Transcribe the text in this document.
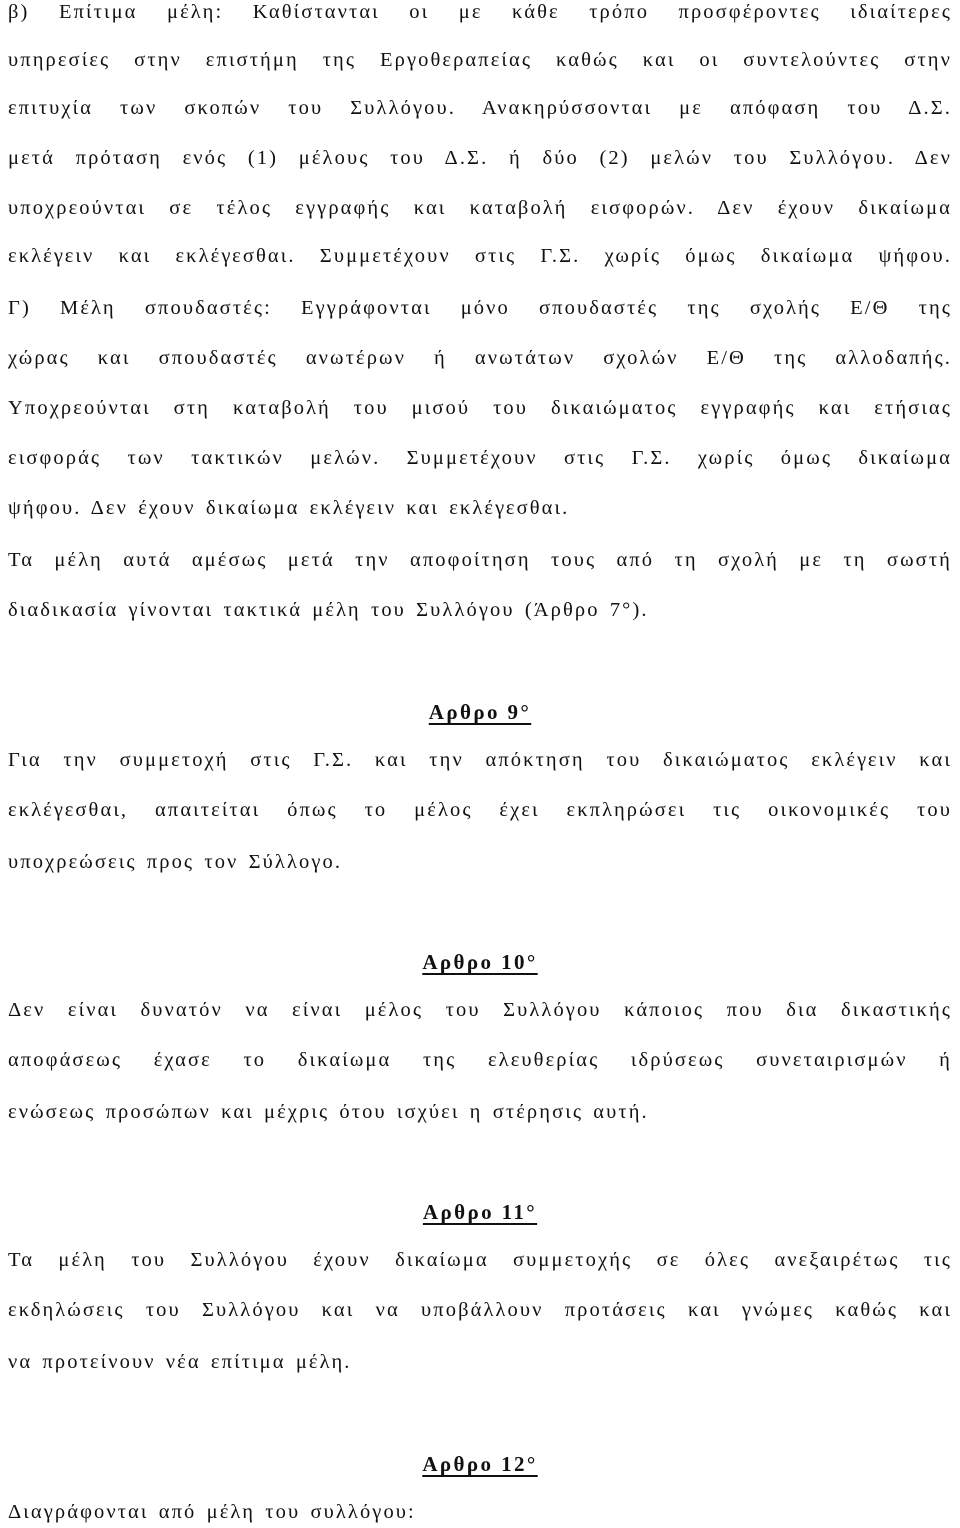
β) Επίτιμα μέλη: Καθίστανται οι με κάθε τρόπο προσφέροντες ιδιαίτερες
υπηρεσίες στην επιστήμη της Εργοθεραπείας καθώς και οι συντελούντες στην
επιτυχία των σκοπών του Συλλόγου. Ανακηρύσσονται με απόφαση του Δ.Σ.
μετά πρόταση ενός (1) μέλους του Δ.Σ. ή δύο (2) μελών του Συλλόγου. Δεν
υποχρεούνται σε τέλος εγγραφής και καταβολή εισφορών. Δεν έχουν δικαίωμα
εκλέγειν και εκλέγεσθαι. Συμμετέχουν στις Γ.Σ. χωρίς όμως δικαίωμα ψήφου.
Γ) Μέλη σπουδαστές: Εγγράφονται μόνο σπουδαστές της σχολής Ε/Θ της
χώρας και σπουδαστές ανωτέρων ή ανωτάτων σχολών Ε/Θ της αλλοδαπής.
Υποχρεούνται στη καταβολή του μισού του δικαιώματος εγγραφής και ετήσιας
εισφοράς των τακτικών μελών. Συμμετέχουν στις Γ.Σ. χωρίς όμως δικαίωμα
ψήφου. Δεν έχουν δικαίωμα εκλέγειν και εκλέγεσθαι.
Τα μέλη αυτά αμέσως μετά την αποφοίτηση τους από τη σχολή με τη σωστή
διαδικασία γίνονται τακτικά μέλη του Συλλόγου (Άρθρο 7°).
Αρθρο 9°
Για την συμμετοχή στις Γ.Σ. και την απόκτηση του δικαιώματος εκλέγειν και
εκλέγεσθαι, απαιτείται όπως το μέλος έχει εκπληρώσει τις οικονομικές του
υποχρεώσεις προς τον Σύλλογο.
Αρθρο 10°
Δεν είναι δυνατόν να είναι μέλος του Συλλόγου κάποιος που δια δικαστικής
αποφάσεως έχασε το δικαίωμα της ελευθερίας ιδρύσεως συνεταιρισμών ή
ενώσεως προσώπων και μέχρις ότου ισχύει η στέρησις αυτή.
Αρθρο 11°
Τα μέλη του Συλλόγου έχουν δικαίωμα συμμετοχής σε όλες ανεξαιρέτως τις
εκδηλώσεις του Συλλόγου και να υποβάλλουν προτάσεις και γνώμες καθώς και
να προτείνουν νέα επίτιμα μέλη.
Αρθρο 12°
Διαγράφονται από μέλη του συλλόγου:
